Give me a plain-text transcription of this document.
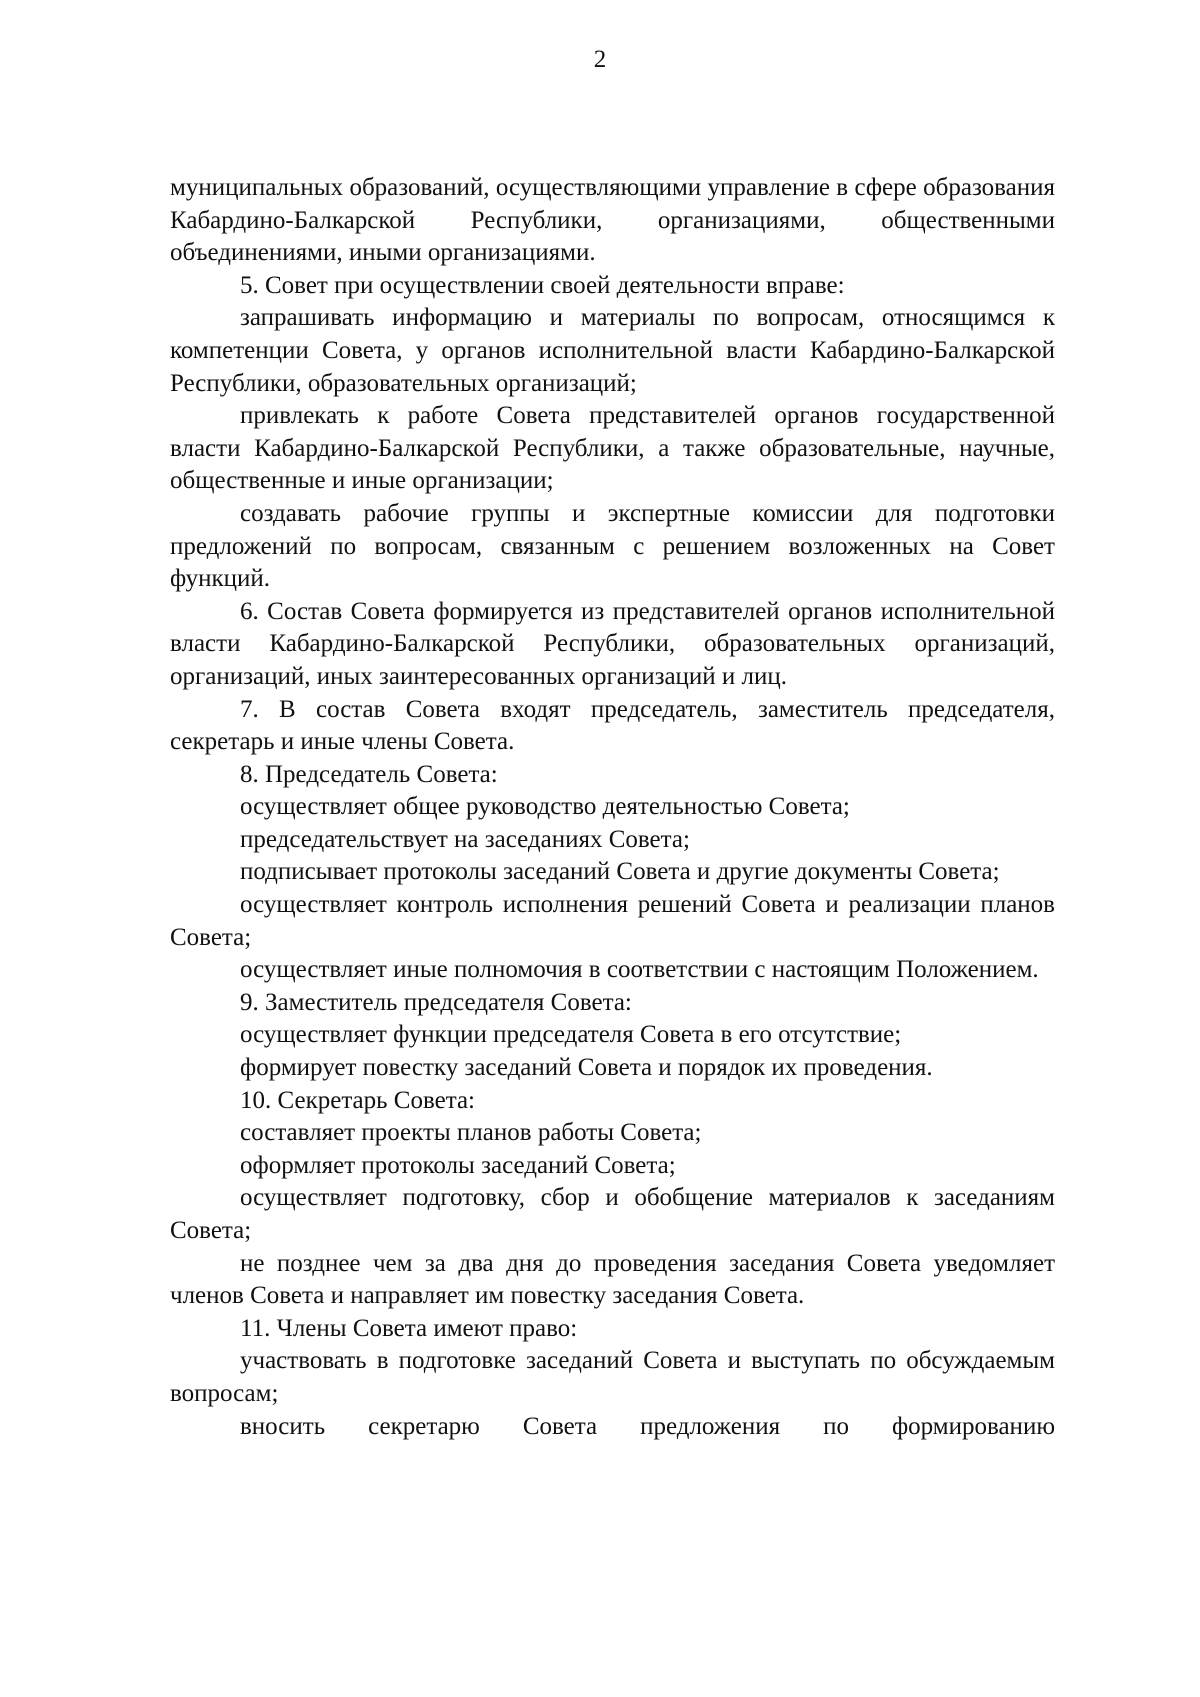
2

муниципальных образований, осуществляющими управление в сфере образования Кабардино-Балкарской Республики, организациями, общественными объединениями, иными организациями.

5. Совет при осуществлении своей деятельности вправе:

запрашивать информацию и материалы по вопросам, относящимся к компетенции Совета, у органов исполнительной власти Кабардино-Балкарской Республики, образовательных организаций;

привлекать к работе Совета представителей органов государственной власти Кабардино-Балкарской Республики, а также образовательные, научные, общественные и иные организации;

создавать рабочие группы и экспертные комиссии для подготовки предложений по вопросам, связанным с решением возложенных на Совет функций.

6. Состав Совета формируется из представителей органов исполнительной власти Кабардино-Балкарской Республики, образовательных организаций, организаций, иных заинтересованных организаций и лиц.

7. В состав Совета входят председатель, заместитель председателя, секретарь и иные члены Совета.

8. Председатель Совета:

осуществляет общее руководство деятельностью Совета;

председательствует на заседаниях Совета;

подписывает протоколы заседаний Совета и другие документы Совета;

осуществляет контроль исполнения решений Совета и реализации планов Совета;

осуществляет иные полномочия в соответствии с настоящим Положением.

9. Заместитель председателя Совета:

осуществляет функции председателя Совета в его отсутствие;

формирует повестку заседаний Совета и порядок их проведения.

10. Секретарь Совета:

составляет проекты планов работы Совета;

оформляет протоколы заседаний Совета;

осуществляет подготовку, сбор и обобщение материалов к заседаниям Совета;

не позднее чем за два дня до проведения заседания Совета уведомляет членов Совета и направляет им повестку заседания Совета.

11. Члены Совета имеют право:

участвовать в подготовке заседаний Совета и выступать по обсуждаемым вопросам;

вносить секретарю Совета предложения по формированию
